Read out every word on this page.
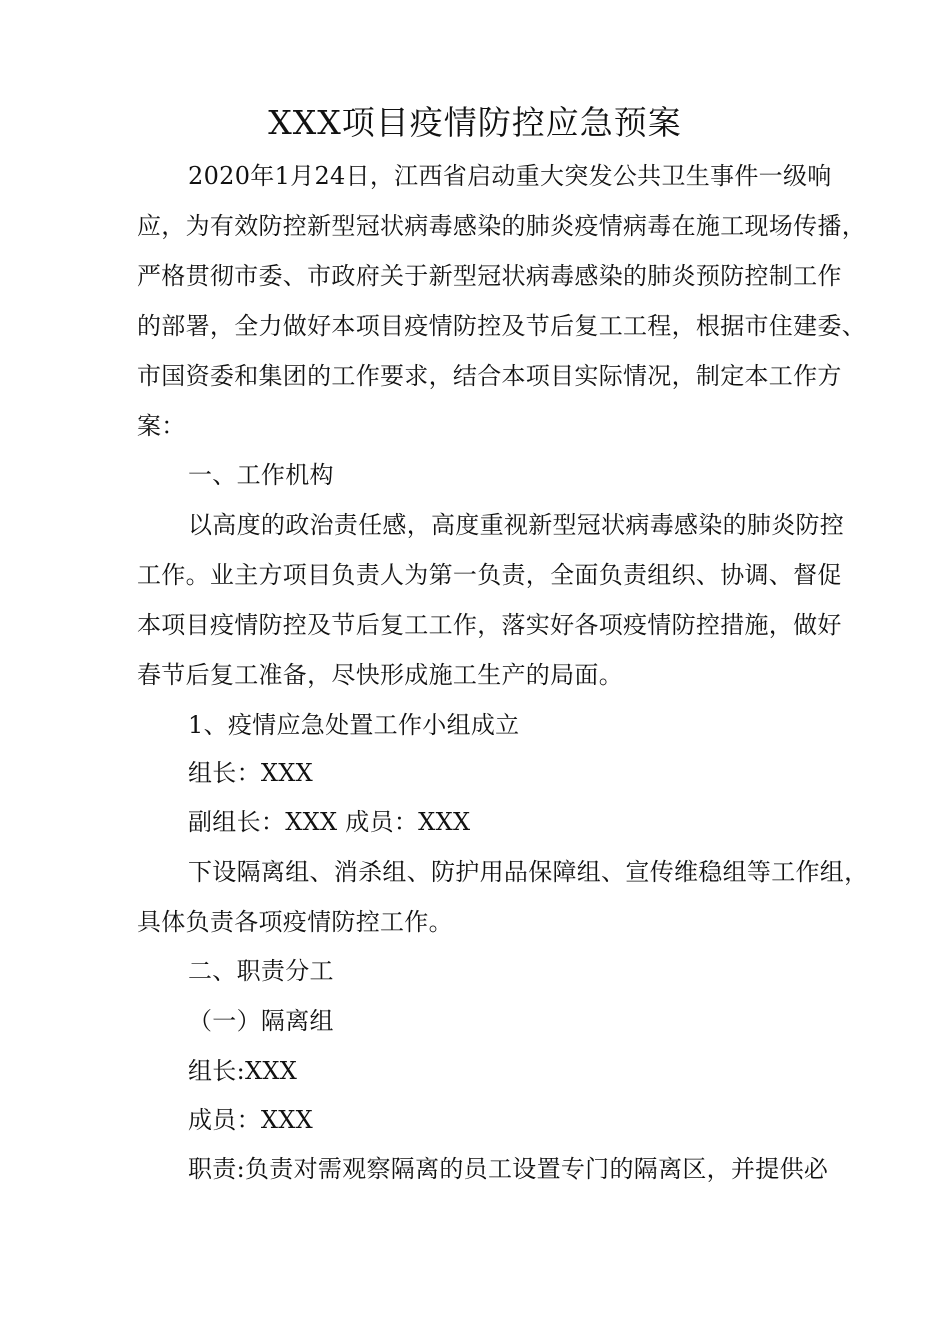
XXX项目疫情防控应急预案

2020年1月24日，江西省启动重大突发公共卫生事件一级响

应，为有效防控新型冠状病毒感染的肺炎疫情病毒在施工现场传播，

严格贯彻市委、市政府关于新型冠状病毒感染的肺炎预防控制工作

的部署，全力做好本项目疫情防控及节后复工工程，根据市住建委、

市国资委和集团的工作要求，结合本项目实际情况，制定本工作方

案：

一、工作机构

以高度的政治责任感，高度重视新型冠状病毒感染的肺炎防控

工作。业主方项目负责人为第一负责，全面负责组织、协调、督促

本项目疫情防控及节后复工工作，落实好各项疫情防控措施，做好

春节后复工准备，尽快形成施工生产的局面。

1、疫情应急处置工作小组成立

组长：XXX

副组长：XXX 成员：XXX

下设隔离组、消杀组、防护用品保障组、宣传维稳组等工作组，

具体负责各项疫情防控工作。

二、职责分工

（一）隔离组

组长:XXX

成员：XXX

职责:负责对需观察隔离的员工设置专门的隔离区，并提供必
